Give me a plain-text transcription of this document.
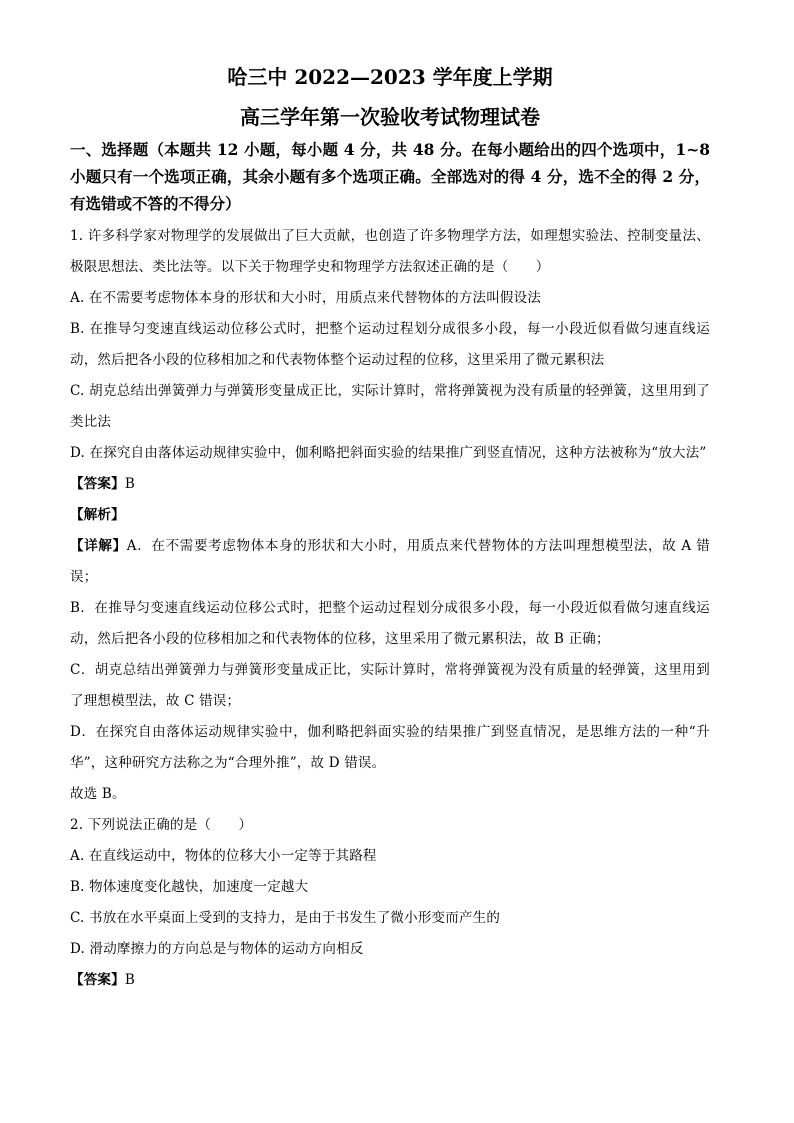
哈三中 2022—2023 学年度上学期
高三学年第一次验收考试物理试卷

一、选择题（本题共 12 小题，每小题 4 分，共 48 分。在每小题给出的四个选项中，1~8 小题只有一个选项正确，其余小题有多个选项正确。全部选对的得 4 分，选不全的得 2 分，有选错或不答的不得分）

1. 许多科学家对物理学的发展做出了巨大贡献，也创造了许多物理学方法，如理想实验法、控制变量法、极限思想法、类比法等。以下关于物理学史和物理学方法叙述正确的是（　　）

A. 在不需要考虑物体本身的形状和大小时，用质点来代替物体的方法叫假设法

B. 在推导匀变速直线运动位移公式时，把整个运动过程划分成很多小段，每一小段近似看做匀速直线运动，然后把各小段的位移相加之和代表物体整个运动过程的位移，这里采用了微元累积法

C. 胡克总结出弹簧弹力与弹簧形变量成正比，实际计算时，常将弹簧视为没有质量的轻弹簧，这里用到了类比法

D. 在探究自由落体运动规律实验中，伽利略把斜面实验的结果推广到竖直情况，这种方法被称为“放大法”

【答案】B

【解析】

【详解】A．在不需要考虑物体本身的形状和大小时，用质点来代替物体的方法叫理想模型法，故 A 错误；

B．在推导匀变速直线运动位移公式时，把整个运动过程划分成很多小段，每一小段近似看做匀速直线运动，然后把各小段的位移相加之和代表物体的位移，这里采用了微元累积法，故 B 正确；

C．胡克总结出弹簧弹力与弹簧形变量成正比，实际计算时，常将弹簧视为没有质量的轻弹簧，这里用到了理想模型法，故 C 错误；

D．在探究自由落体运动规律实验中，伽利略把斜面实验的结果推广到竖直情况，是思维方法的一种“升华”，这种研究方法称之为“合理外推”，故 D 错误。

故选 B。

2. 下列说法正确的是（　　）

A. 在直线运动中，物体的位移大小一定等于其路程

B. 物体速度变化越快，加速度一定越大

C. 书放在水平桌面上受到的支持力，是由于书发生了微小形变而产生的

D. 滑动摩擦力的方向总是与物体的运动方向相反

【答案】B
